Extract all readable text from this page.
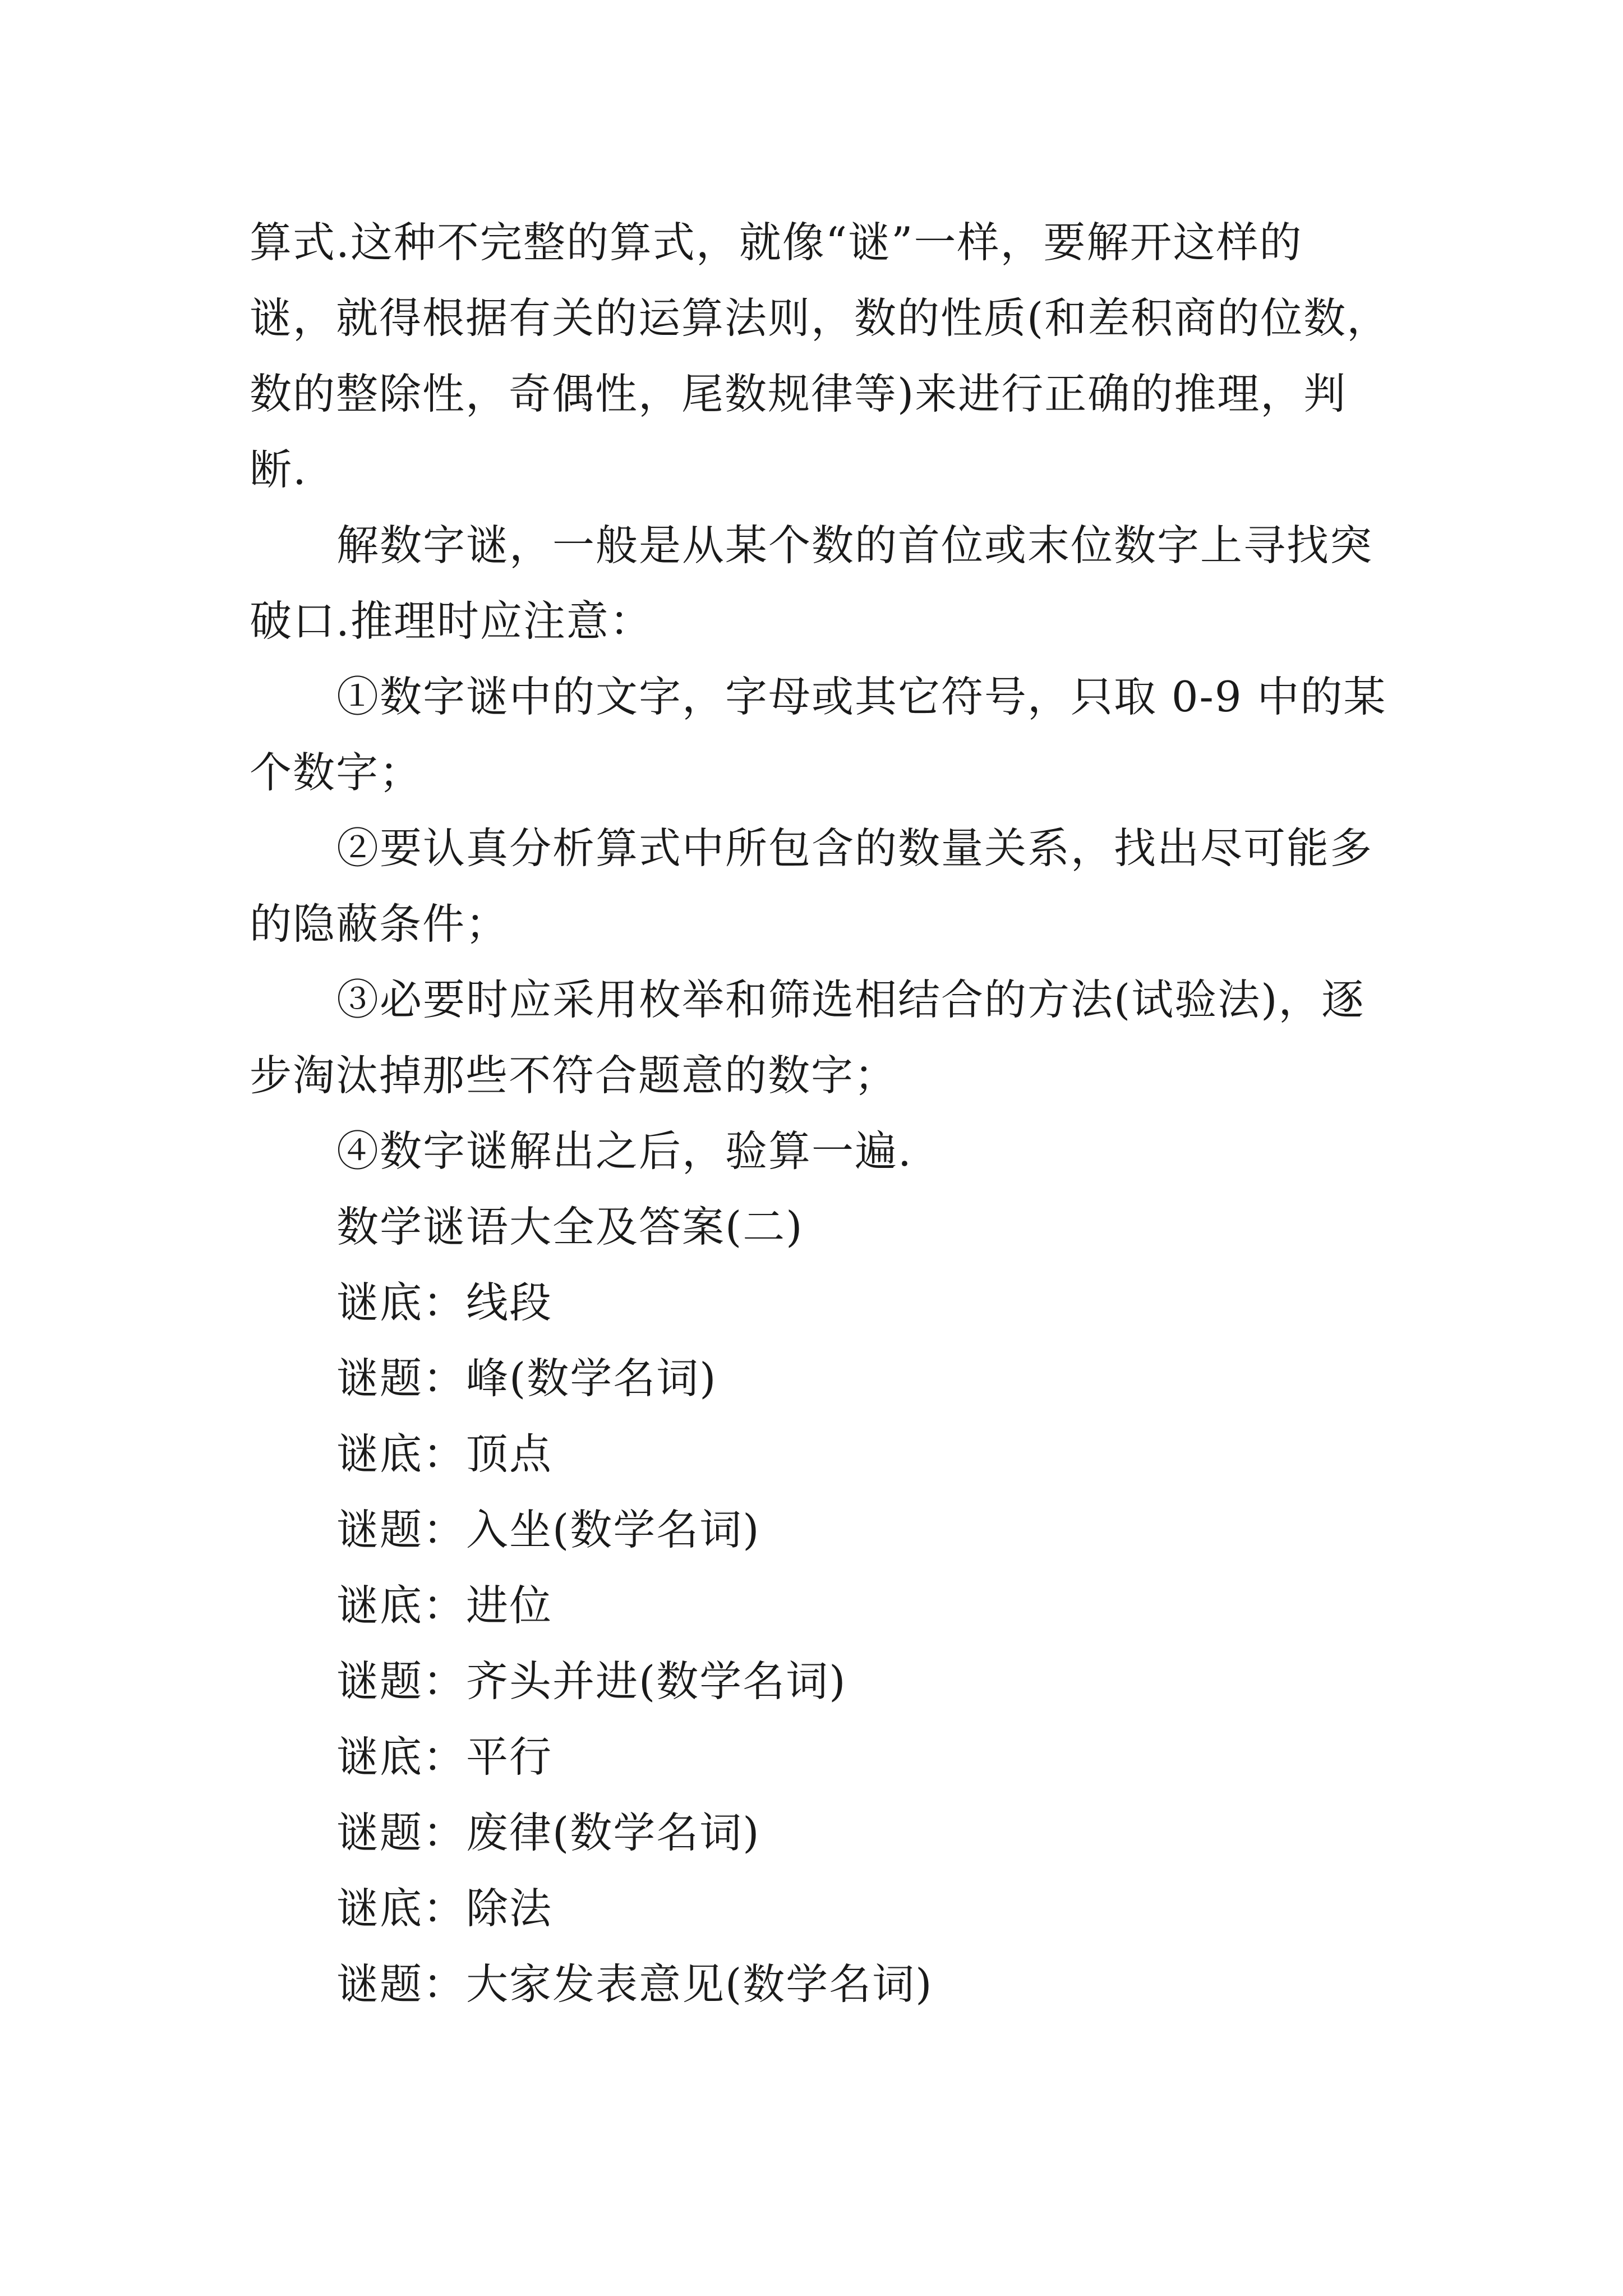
算式.这种不完整的算式，就像“谜”一样，要解开这样的
谜，就得根据有关的运算法则，数的性质(和差积商的位数，
数的整除性，奇偶性，尾数规律等)来进行正确的推理，判
断.
解数字谜，一般是从某个数的首位或末位数字上寻找突
破口.推理时应注意：
①数字谜中的文字，字母或其它符号，只取 0-9 中的某
个数字；
②要认真分析算式中所包含的数量关系，找出尽可能多
的隐蔽条件；
③必要时应采用枚举和筛选相结合的方法(试验法)，逐
步淘汰掉那些不符合题意的数字；
④数字谜解出之后，验算一遍.
数学谜语大全及答案(二)
谜底：线段
谜题：峰(数学名词)
谜底：顶点
谜题：入坐(数学名词)
谜底：进位
谜题：齐头并进(数学名词)
谜底：平行
谜题：废律(数学名词)
谜底：除法
谜题：大家发表意见(数学名词)
